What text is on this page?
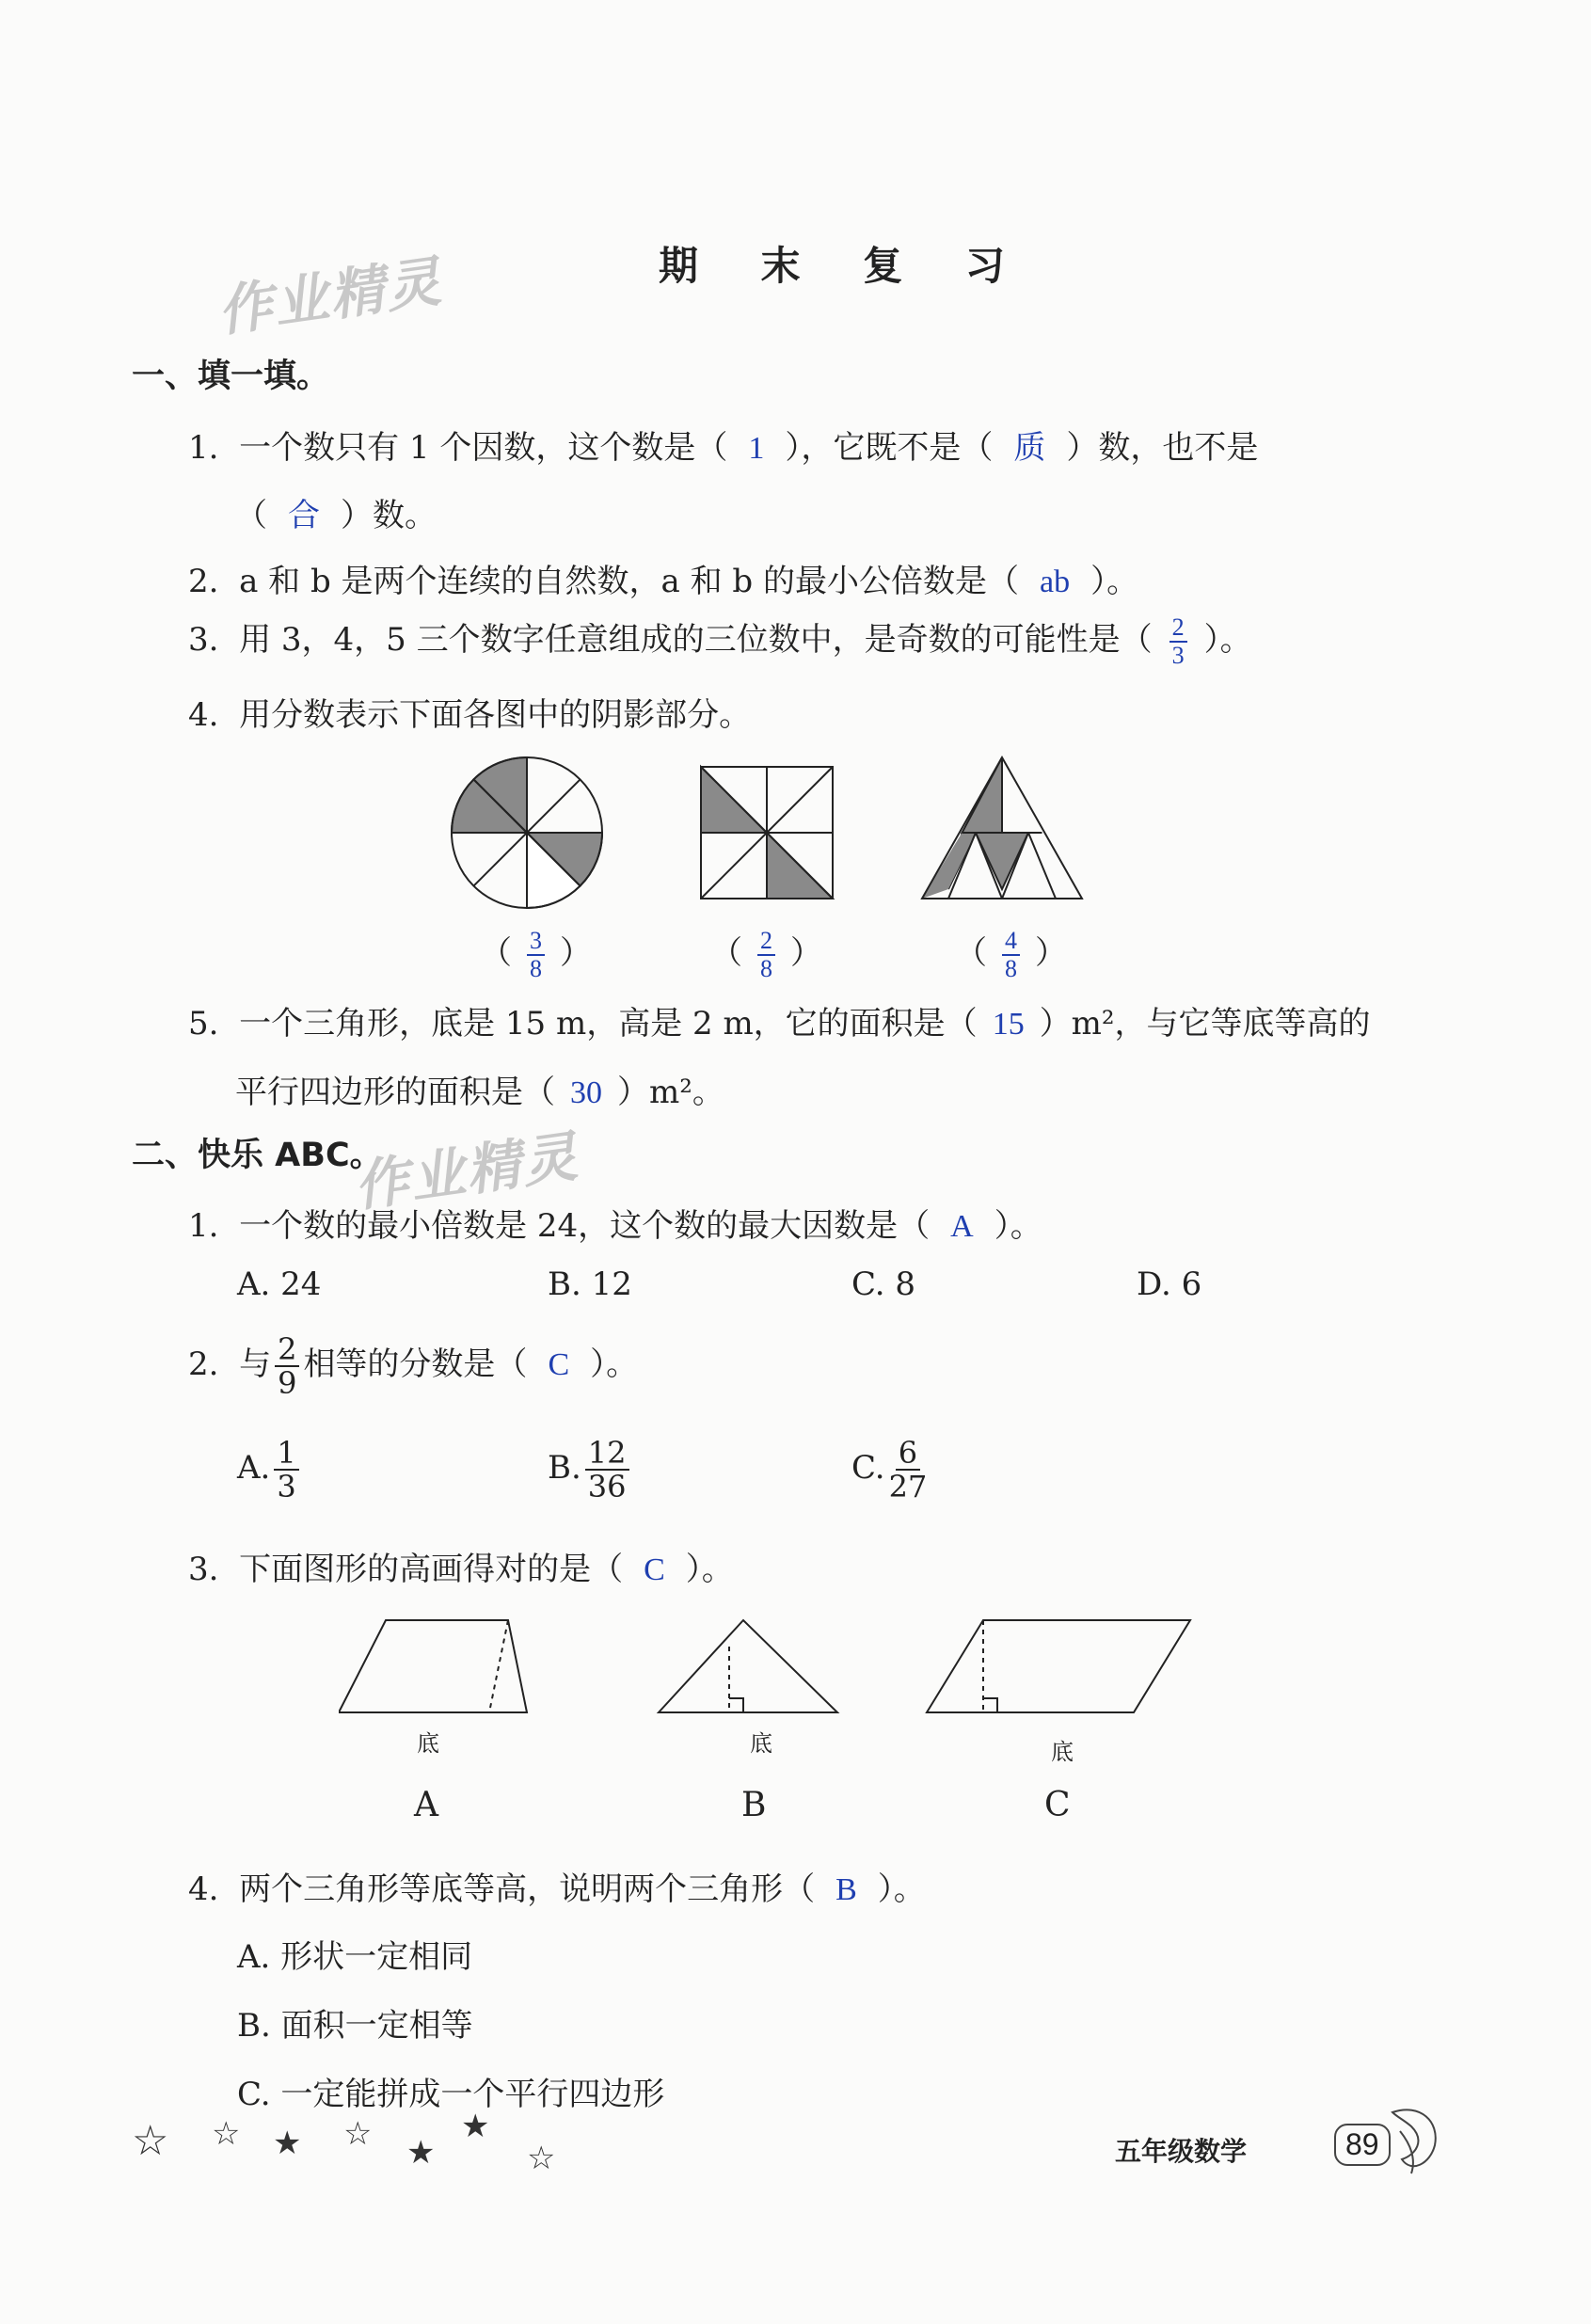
作业精灵
作业精灵
期 末 复 习
一、填一填。
1. 一个数只有 1 个因数，这个数是（ 1 ），它既不是（ 质 ）数，也不是
（ 合 ）数。
2. a 和 b 是两个连续的自然数，a 和 b 的最小公倍数是（ ab ）。
3. 用 3，4，5 三个数字任意组成的三位数中，是奇数的可能性是（ $\frac{2}{3}$ ）。
4. 用分数表示下面各图中的阴影部分。
（ $\frac{3}{8}$ ）	（ $\frac{2}{8}$ ）	（ $\frac{4}{8}$ ）
5. 一个三角形，底是 15 m，高是 2 m，它的面积是（ 15 ）m²，与它等底等高的
平行四边形的面积是（ 30 ）m²。
二、快乐 ABC。
1. 一个数的最小倍数是 24，这个数的最大因数是（ A ）。
A. 24	B. 12	C. 8	D. 6
2. 与 $\frac{2}{9}$ 相等的分数是（ C ）。
A. $\frac{1}{3}$	B. $\frac{12}{36}$	C. $\frac{6}{27}$
3. 下面图形的高画得对的是（ C ）。
底	底	底
A	B	C
4. 两个三角形等底等高，说明两个三角形（ B ）。
A. 形状一定相同
B. 面积一定相等
C. 一定能拼成一个平行四边形
☆ ☆ ★ ☆ ★
★
☆	五年级数学	89
